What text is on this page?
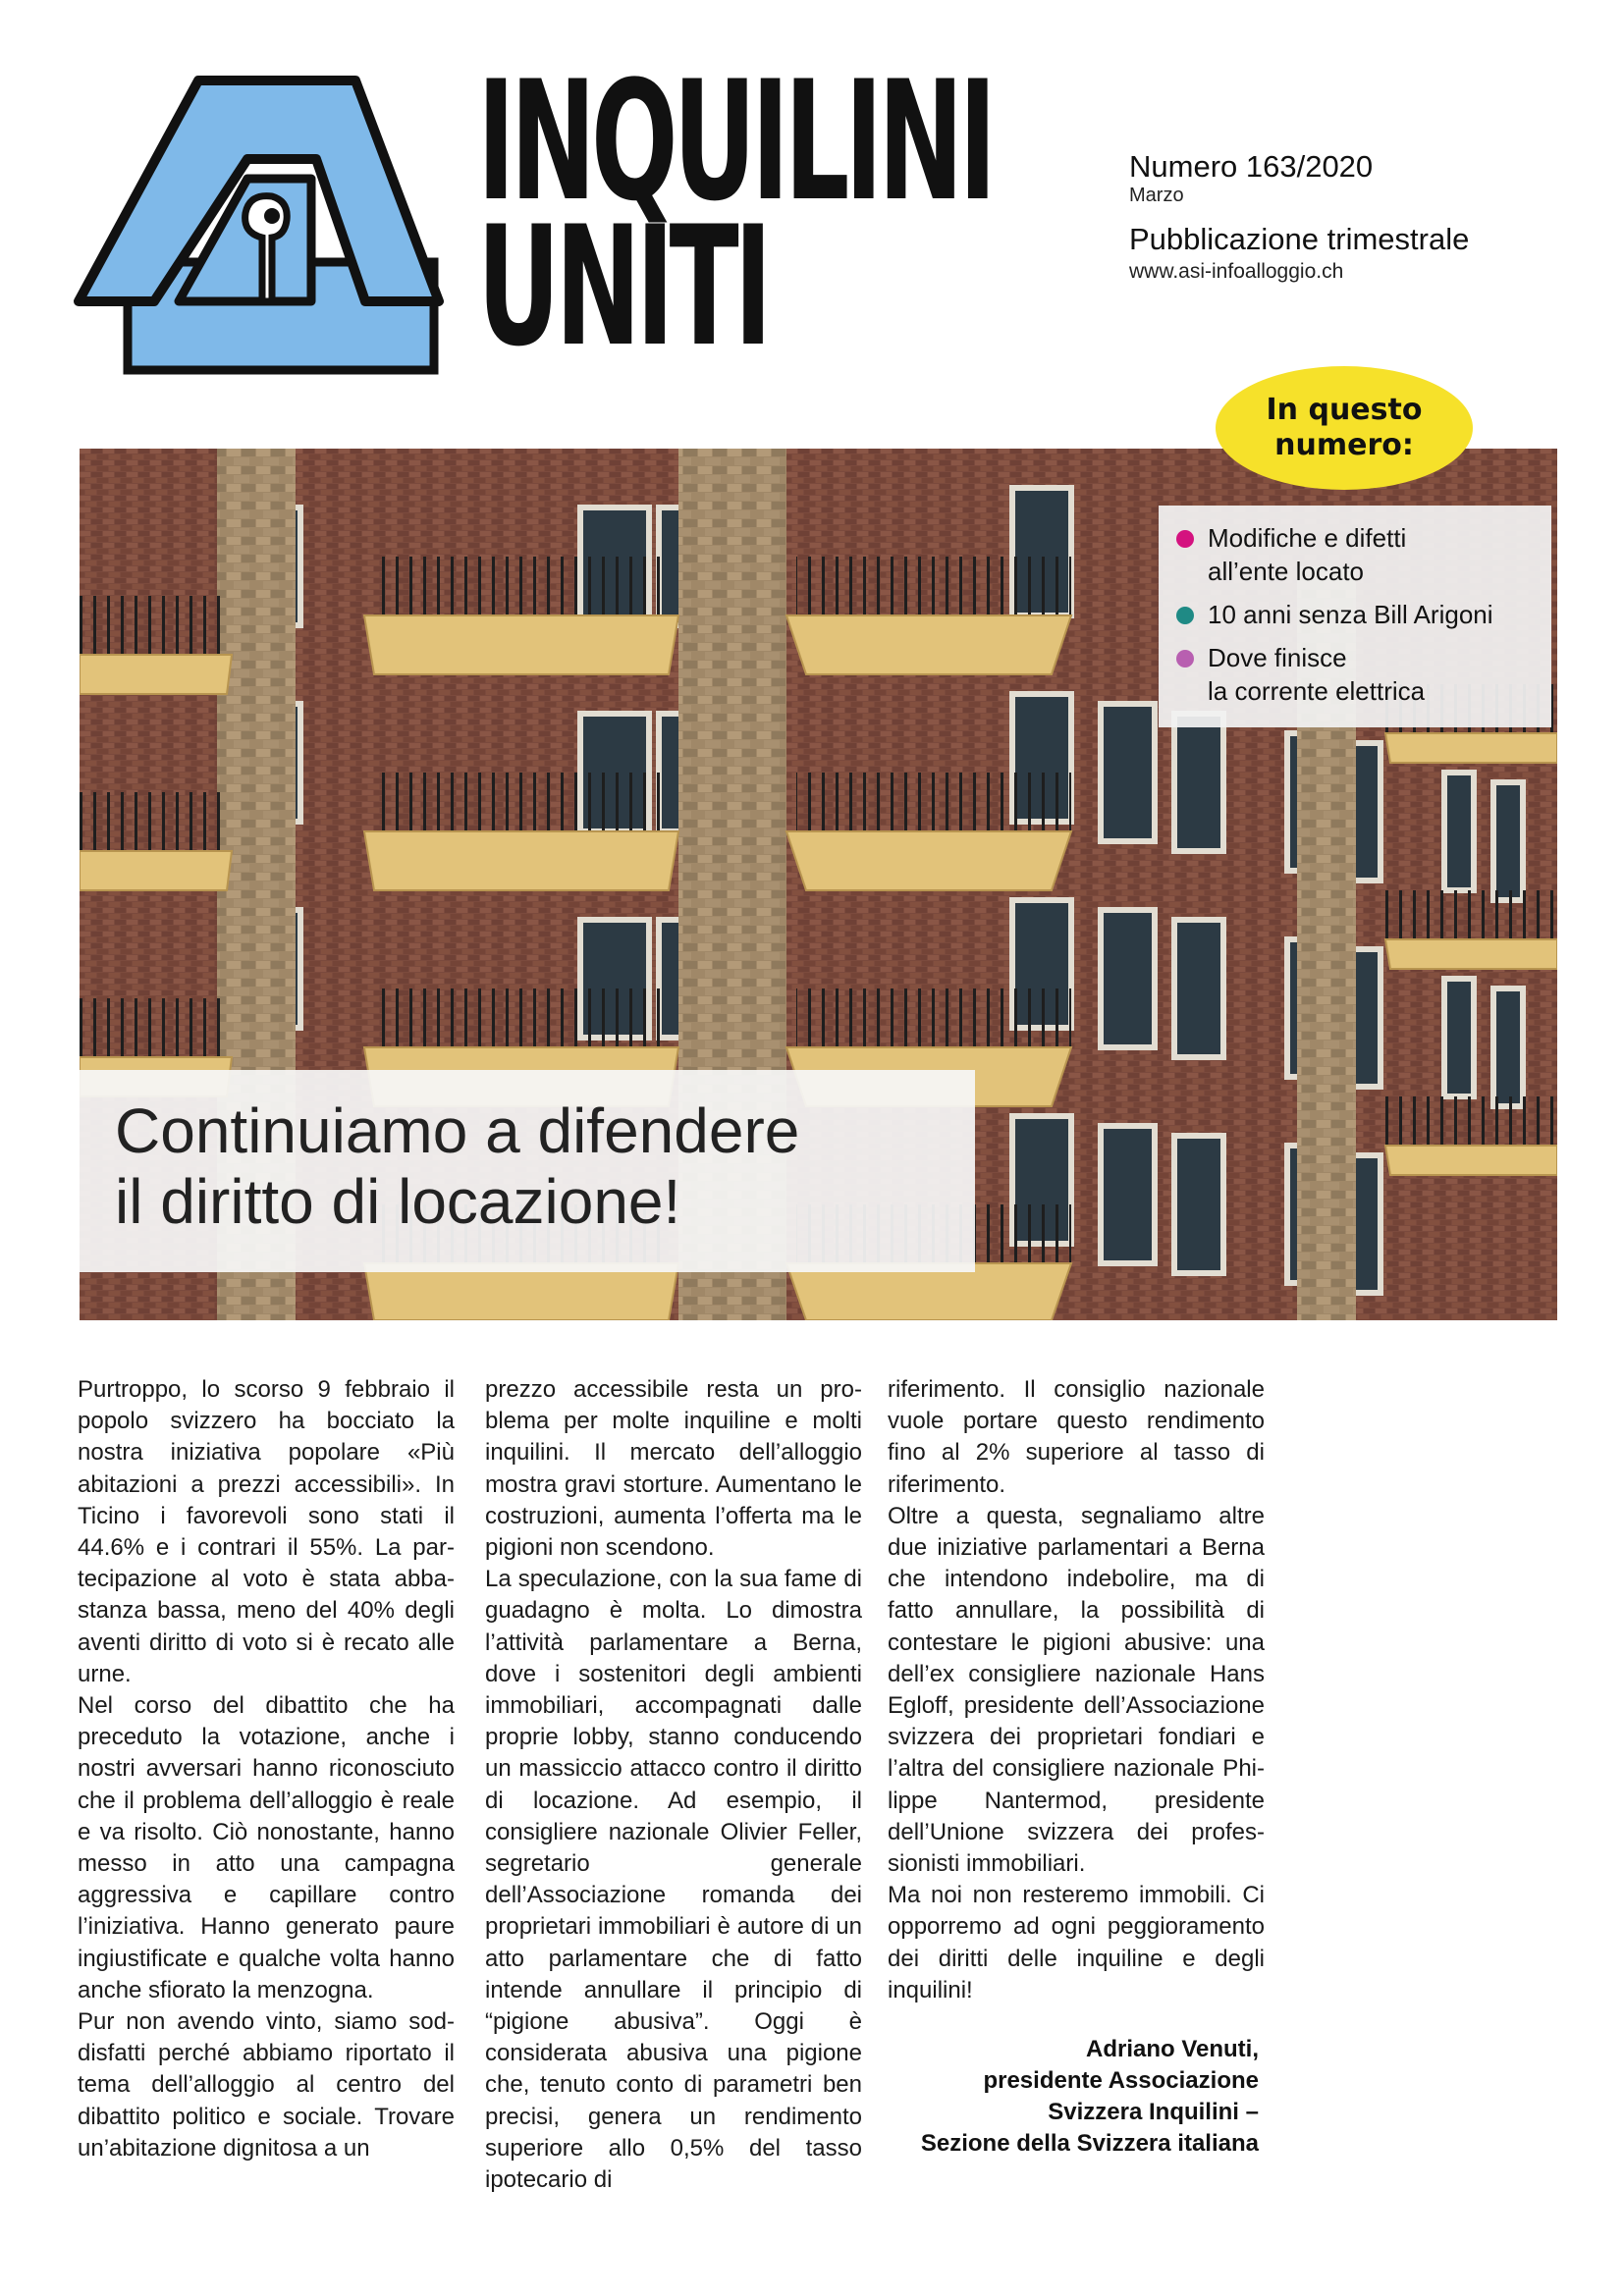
INQUILINI
UNITI
Numero 163/2020
Marzo
Pubblicazione trimestrale
www.asi-infoalloggio.ch
In questo
numero:
Modifiche e difetti
all’ente locato
10 anni senza Bill Arigoni
Dove finisce
la corrente elettrica
Continuiamo a difendere
il diritto di locazione!

Purtroppo, lo scorso 9 febbraio il popolo svizzero ha bocciato la nostra iniziativa popolare «Più abitazioni a prezzi accessibili». In Ticino i favorevoli sono stati il 44.6% e i contrari il 55%. La partecipazione al voto è stata abbastanza bassa, meno del 40% degli aventi diritto di voto si è recato alle urne.

Nel corso del dibattito che ha preceduto la votazione, anche i nostri avversari hanno riconosciuto che il problema dell’alloggio è reale e va risolto. Ciò nonostante, hanno messo in atto una campagna aggressiva e capillare contro l’iniziativa. Hanno generato paure ingiustificate e qualche volta hanno anche sfiorato la menzogna.

Pur non avendo vinto, siamo soddisfatti perché abbiamo riportato il tema dell’alloggio al centro del dibattito politico e sociale. Trovare un’abitazione dignitosa a un

prezzo accessibile resta un problema per molte inquiline e molti inquilini. Il mercato dell’alloggio mostra gravi storture. Aumentano le costruzioni, aumenta l’offerta ma le pigioni non scendono.

La speculazione, con la sua fame di guadagno è molta. Lo dimostra l’attività parlamentare a Berna, dove i sostenitori degli ambienti immobiliari, accompagnati dalle proprie lobby, stanno conducendo un massiccio attacco contro il diritto di locazione. Ad esempio, il consigliere nazionale Olivier Feller, segretario generale dell’Associazione romanda dei proprietari immobiliari è autore di un atto parlamentare che di fatto intende annullare il principio di “pigione abusiva”. Oggi è considerata abusiva una pigione che, tenuto conto di parametri ben precisi, genera un rendimento superiore allo 0,5% del tasso ipotecario di

riferimento. Il consiglio nazionale vuole portare questo rendimento fino al 2% superiore al tasso di riferimento.

Oltre a questa, segnaliamo altre due iniziative parlamentari a Berna che intendono indebolire, ma di fatto annullare, la possibilità di contestare le pigioni abusive: una dell’ex consigliere nazionale Hans Egloff, presidente dell’Associazione svizzera dei proprietari fondiari e l’altra del consigliere nazionale Philippe Nantermod, presidente dell’Unione svizzera dei professionisti immobiliari.

Ma noi non resteremo immobili. Ci opporremo ad ogni peggioramento dei diritti delle inquiline e degli inquilini!

Adriano Venuti,
presidente Associazione
Svizzera Inquilini –
Sezione della Svizzera italiana
